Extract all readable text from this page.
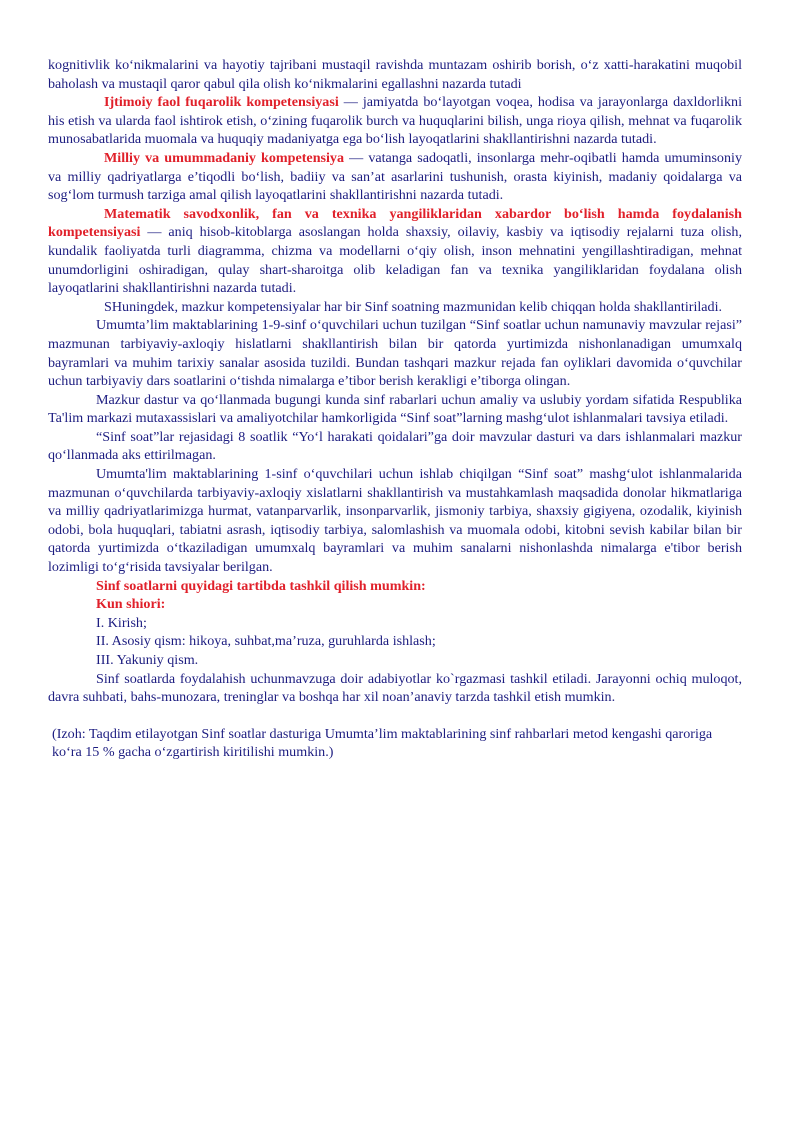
kognitivlik ko‘nikmalarini va hayotiy tajribani mustaqil ravishda muntazam oshirib borish, o‘z xatti-harakatini muqobil baholash va mustaqil qaror qabul qila olish ko‘nikmalarini egallashni nazarda tutadi

Ijtimoiy faol fuqarolik kompetensiyasi — jamiyatda bo‘layotgan voqea, hodisa va jarayonlarga daxldorlikni his etish va ularda faol ishtirok etish, o‘zining fuqarolik burch va huquqlarini bilish, unga rioya qilish, mehnat va fuqarolik munosabatlarida muomala va huquqiy madaniyatga ega bo‘lish layoqatlarini shakllantirishni nazarda tutadi.

Milliy va umummadaniy kompetensiya — vatanga sadoqatli, insonlarga mehr-oqibatli hamda umuminsoniy va milliy qadriyatlarga e’tiqodli bo‘lish, badiiy va san’at asarlarini tushunish, orasta kiyinish, madaniy qoidalarga va sog‘lom turmush tarziga amal qilish layoqatlarini shakllantirishni nazarda tutadi.

Matematik savodxonlik, fan va texnika yangiliklaridan xabardor bo‘lish hamda foydalanish kompetensiyasi — aniq hisob-kitoblarga asoslangan holda shaxsiy, oilaviy, kasbiy va iqtisodiy rejalarni tuza olish, kundalik faoliyatda turli diagramma, chizma va modellarni o‘qiy olish, inson mehnatini yengillashtiradigan, mehnat unumdorligini oshiradigan, qulay shart-sharoitga olib keladigan fan va texnika yangiliklaridan foydalana olish layoqatlarini shakllantirishni nazarda tutadi.

SHuningdek, mazkur kompetensiyalar har bir Sinf soatning mazmunidan kelib chiqqan holda shakllantiriladi.

Umumta’lim maktablarining 1-9-sinf o‘quvchilari uchun tuzilgan “Sinf soatlar uchun namunaviy mavzular rejasi” mazmunan tarbiyaviy-axloqiy hislatlarni shakllantirish bilan bir qatorda yurtimizda nishonlanadigan umumxalq bayramlari va muhim tarixiy sanalar asosida tuzildi. Bundan tashqari mazkur rejada fan oyliklari davomida o‘quvchilar uchun tarbiyaviy dars soatlarini o‘tishda nimalarga e’tibor berish kerakligi e’tiborga olingan.

Mazkur dastur va qo‘llanmada bugungi kunda sinf rabarlari uchun amaliy va uslubiy yordam sifatida Respublika Ta'lim markazi mutaxassislari va amaliyotchilar hamkorligida “Sinf soat”larning mashg‘ulot ishlanmalari tavsiya etiladi.

“Sinf soat”lar rejasidagi 8 soatlik “Yo‘l harakati qoidalari”ga doir mavzular dasturi va dars ishlanmalari mazkur qo‘llanmada aks ettirilmagan.

Umumta'lim maktablarining 1-sinf o‘quvchilari uchun ishlab chiqilgan “Sinf soat” mashg‘ulot ishlanmalarida mazmunan o‘quvchilarda tarbiyaviy-axloqiy xislatlarni shakllantirish va mustahkamlash maqsadida donolar hikmatlariga va milliy qadriyatlarimizga hurmat, vatanparvarlik, insonparvarlik, jismoniy tarbiya, shaxsiy gigiyena, ozodalik, kiyinish odobi, bola huquqlari, tabiatni asrash, iqtisodiy tarbiya, salomlashish va muomala odobi, kitobni sevish kabilar bilan bir qatorda yurtimizda o‘tkaziladigan umumxalq bayramlari va muhim sanalarni nishonlashda nimalarga e'tibor berish lozimligi to‘g‘risida tavsiyalar berilgan.

Sinf soatlarni quyidagi tartibda tashkil qilish mumkin:

Kun shiori:

I. Kirish;

II. Asosiy qism: hikoya, suhbat,ma’ruza, guruhlarda ishlash;

III. Yakuniy qism.

Sinf soatlarda foydalahish uchunmavzuga doir adabiyotlar ko`rgazmasi tashkil etiladi. Jarayonni ochiq muloqot, davra suhbati, bahs-munozara, treninglar va boshqa har xil noan’anaviy tarzda tashkil etish mumkin.

(Izoh: Taqdim etilayotgan Sinf soatlar dasturiga Umumta’lim maktablarining sinf rahbarlari metod kengashi qaroriga ko‘ra 15 % gacha o‘zgartirish kiritilishi mumkin.)
